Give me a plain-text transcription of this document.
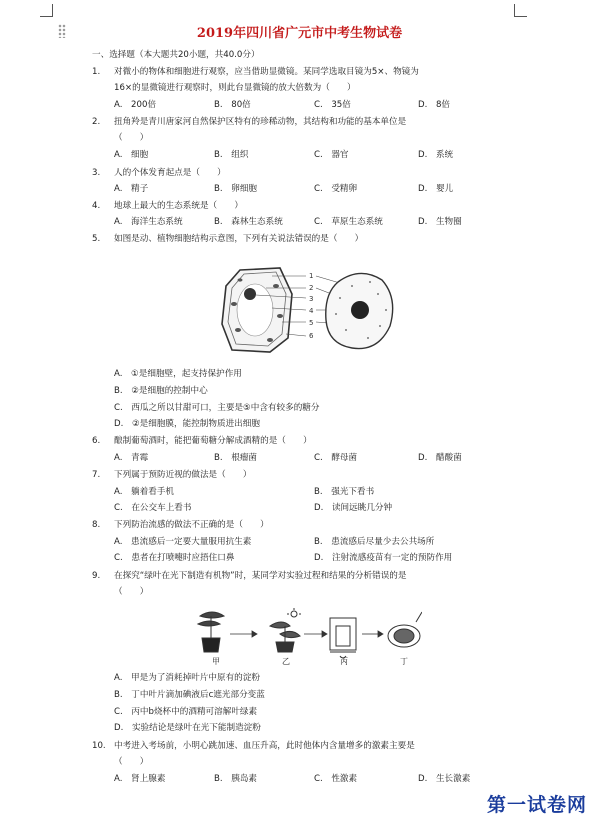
2019年四川省广元市中考生物试卷
一、选择题（本大题共20小题，共40.0分）
1. 对微小的物体和细胞进行观察，应当借助显微镜。某同学选取目镜为5×、物镜为
16×的显微镜进行观察时，则此台显微镜的放大倍数为（　　）
A.　200倍	B.　80倍	C.　35倍	D.　8倍
2. 扭角羚是青川唐家河自然保护区特有的珍稀动物，其结构和功能的基本单位是
（　　）
A.　细胞	B.　组织	C.　器官	D.　系统
3. 人的个体发育起点是（　　）
A.　精子	B.　卵细胞	C.　受精卵	D.　婴儿
4. 地球上最大的生态系统是（　　）
A.　海洋生态系统	B.　森林生态系统	C.　草原生态系统	D.　生物圈
5. 如图是动、植物细胞结构示意图，下列有关说法错误的是（　　）
1
2
3
4
5
6
A.　①是细胞壁，起支持保护作用
B.　②是细胞的控制中心
C.　西瓜之所以甘甜可口，主要是⑤中含有较多的糖分
D.　②是细胞膜，能控制物质进出细胞
6. 酿制葡萄酒时，能把葡萄糖分解成酒精的是（　　）
A.　青霉	B.　根瘤菌	C.　酵母菌	D.　醋酸菌
7. 下列属于预防近视的做法是（　　）
A.　躺着看手机	B.　强光下看书
C.　在公交车上看书	D.　读间远眺几分钟
8. 下列防治流感的做法不正确的是（　　）
A.　患流感后一定要大量服用抗生素	B.　患流感后尽量少去公共场所
C.　患者在打喷嚏时应捂住口鼻	D.　注射流感疫苗有一定的预防作用
9. 在探究“绿叶在光下制造有机物”时，某同学对实验过程和结果的分析错误的是
（　　）
甲	乙	丙	丁
A.　甲是为了消耗掉叶片中原有的淀粉
B.　丁中叶片滴加碘液后c遮光部分变蓝
C.　丙中b烧杯中的酒精可溶解叶绿素
D.　实验结论是绿叶在光下能制造淀粉
10. 中考进入考场前，小明心跳加速、血压升高，此时他体内含量增多的激素主要是
（　　）
A.　肾上腺素	B.　胰岛素	C.　性激素	D.　生长激素
第一试卷网
